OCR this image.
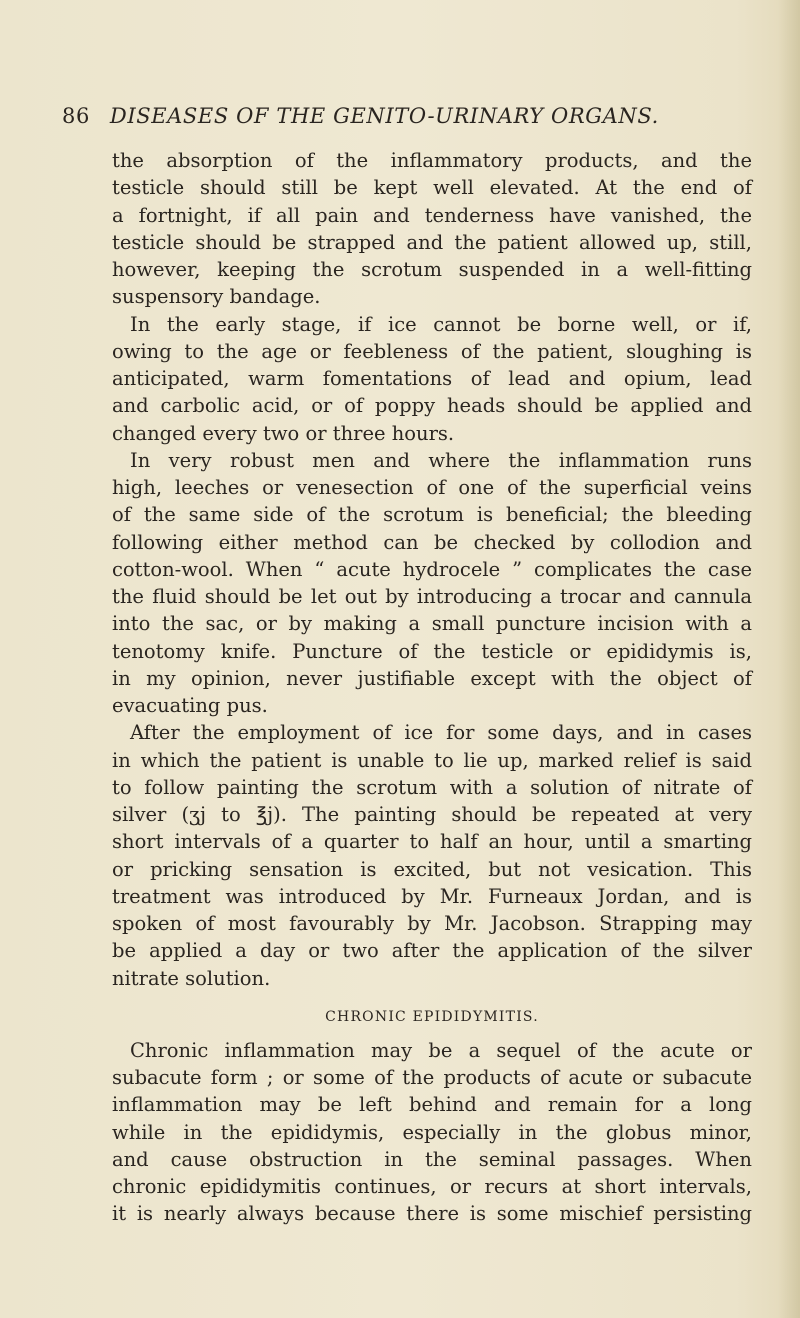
86 DISEASES OF THE GENITO-URINARY ORGANS.
the absorption of the inflammatory products, and the
testicle should still be kept well elevated. At the end of
a fortnight, if all pain and tenderness have vanished, the
testicle should be strapped and the patient allowed up, still,
however, keeping the scrotum suspended in a well-fitting
suspensory bandage.
In the early stage, if ice cannot be borne well, or if,
owing to the age or feebleness of the patient, sloughing is
anticipated, warm fomentations of lead and opium, lead
and carbolic acid, or of poppy heads should be applied and
changed every two or three hours.
In very robust men and where the inflammation runs
high, leeches or venesection of one of the superficial veins
of the same side of the scrotum is beneficial; the bleeding
following either method can be checked by collodion and
cotton-wool. When “ acute hydrocele ” complicates the case
the fluid should be let out by introducing a trocar and cannula
into the sac, or by making a small puncture incision with a
tenotomy knife. Puncture of the testicle or epididymis is,
in my opinion, never justifiable except with the object of
evacuating pus.
After the employment of ice for some days, and in cases
in which the patient is unable to lie up, marked relief is said
to follow painting the scrotum with a solution of nitrate of
silver (ʒj to ℥j). The painting should be repeated at very
short intervals of a quarter to half an hour, until a smarting
or pricking sensation is excited, but not vesication. This
treatment was introduced by Mr. Furneaux Jordan, and is
spoken of most favourably by Mr. Jacobson. Strapping may
be applied a day or two after the application of the silver
nitrate solution.
CHRONIC EPIDIDYMITIS.
Chronic inflammation may be a sequel of the acute or
subacute form ; or some of the products of acute or subacute
inflammation may be left behind and remain for a long
while in the epididymis, especially in the globus minor,
and cause obstruction in the seminal passages. When
chronic epididymitis continues, or recurs at short intervals,
it is nearly always because there is some mischief persisting
